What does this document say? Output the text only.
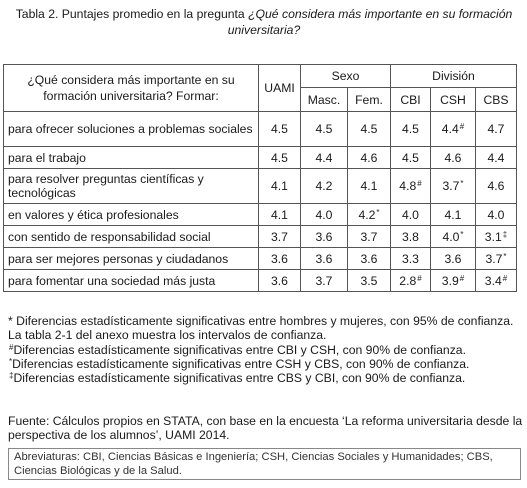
Tabla 2. Puntajes promedio en la pregunta ¿Qué considera más importante en su formación universitaria?
¿Qué considera más importante en su formación universitaria? Formar:	UAMI	Sexo		División		
		Masc.	Fem.	CBI	CSH	CBS
para ofrecer soluciones a problemas sociales	4.5	4.5	4.5	4.5	4.4#	4.7
para el trabajo	4.5	4.4	4.6	4.5	4.6	4.4
para resolver preguntas científicas y tecnológicas	4.1	4.2	4.1	4.8#	3.7*	4.6
en valores y ética profesionales	4.1	4.0	4.2*	4.0	4.1	4.0
con sentido de responsabilidad social	3.7	3.6	3.7	3.8	4.0*	3.1‡
para ser mejores personas y ciudadanos	3.6	3.6	3.6	3.3	3.6	3.7*
para fomentar una sociedad más justa	3.6	3.7	3.5	2.8#	3.9#	3.4#

* Diferencias estadísticamente significativas entre hombres y mujeres, con 95% de confianza. La tabla 2-1 del anexo muestra los intervalos de confianza.

#Diferencias estadísticamente significativas entre CBI y CSH, con 90% de confianza.

*Diferencias estadísticamente significativas entre CSH y CBS, con 90% de confianza.

‡Diferencias estadísticamente significativas entre CBS y CBI, con 90% de confianza.

Fuente: Cálculos propios en STATA, con base en la encuesta ‘La reforma universitaria desde la perspectiva de los alumnos’, UAMI 2014.
Abreviaturas: CBI, Ciencias Básicas e Ingeniería; CSH, Ciencias Sociales y Humanidades; CBS, Ciencias Biológicas y de la Salud.
